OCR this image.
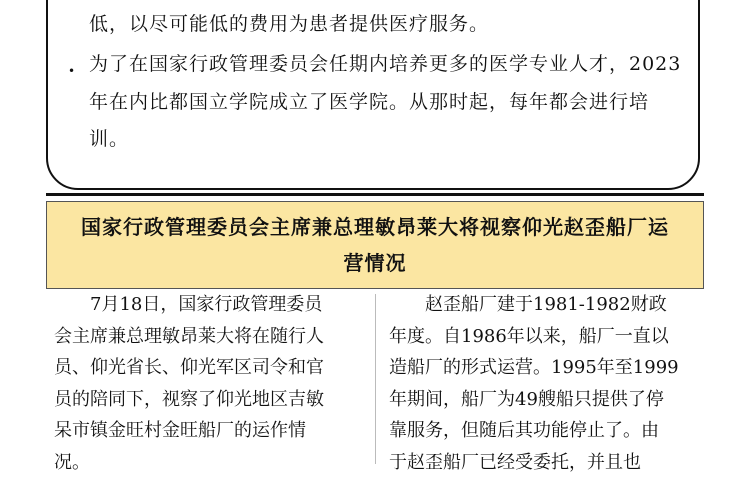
低，以尽可能低的费用为患者提供医疗服务。
• 为了在国家行政管理委员会任期内培养更多的医学专业人才，2023
年在内比都国立学院成立了医学院。从那时起，每年都会进行培
训。
国家行政管理委员会主席兼总理敏昂莱大将视察仰光赵歪船厂运
营情况
　　7月18日，国家行政管理委员
会主席兼总理敏昂莱大将在随行人
员、仰光省长、仰光军区司令和官
员的陪同下，视察了仰光地区吉敏
呆市镇金旺村金旺船厂的运作情
况。
　　赵歪船厂建于1981-1982财政
年度。自1986年以来，船厂一直以
造船厂的形式运营。1995年至1999
年期间，船厂为49艘船只提供了停
靠服务，但随后其功能停止了。由
于赵歪船厂已经受委托，并且也
